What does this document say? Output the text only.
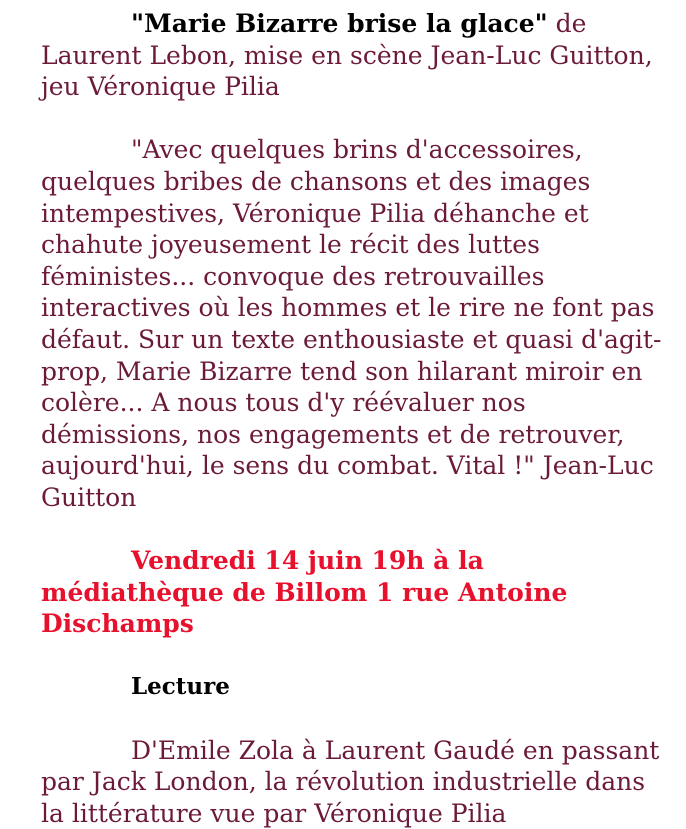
"Marie Bizarre brise la glace" de Laurent Lebon, mise en scène Jean-Luc Guitton, jeu Véronique Pilia

"Avec quelques brins d'accessoires, quelques bribes de chansons et des images intempestives, Véronique Pilia déhanche et chahute joyeusement le récit des luttes féministes... convoque des retrouvailles interactives où les hommes et le rire ne font pas défaut. Sur un texte enthousiaste et quasi d'agit-prop, Marie Bizarre tend son hilarant miroir en colère... A nous tous d'y réévaluer nos démissions, nos engagements et de retrouver, aujourd'hui, le sens du combat. Vital !" Jean-Luc Guitton

Vendredi 14 juin 19h à la médiathèque de Billom 1 rue Antoine Dischamps

Lecture

D'Emile Zola à Laurent Gaudé en passant par Jack London, la révolution industrielle dans la littérature vue par Véronique Pilia
